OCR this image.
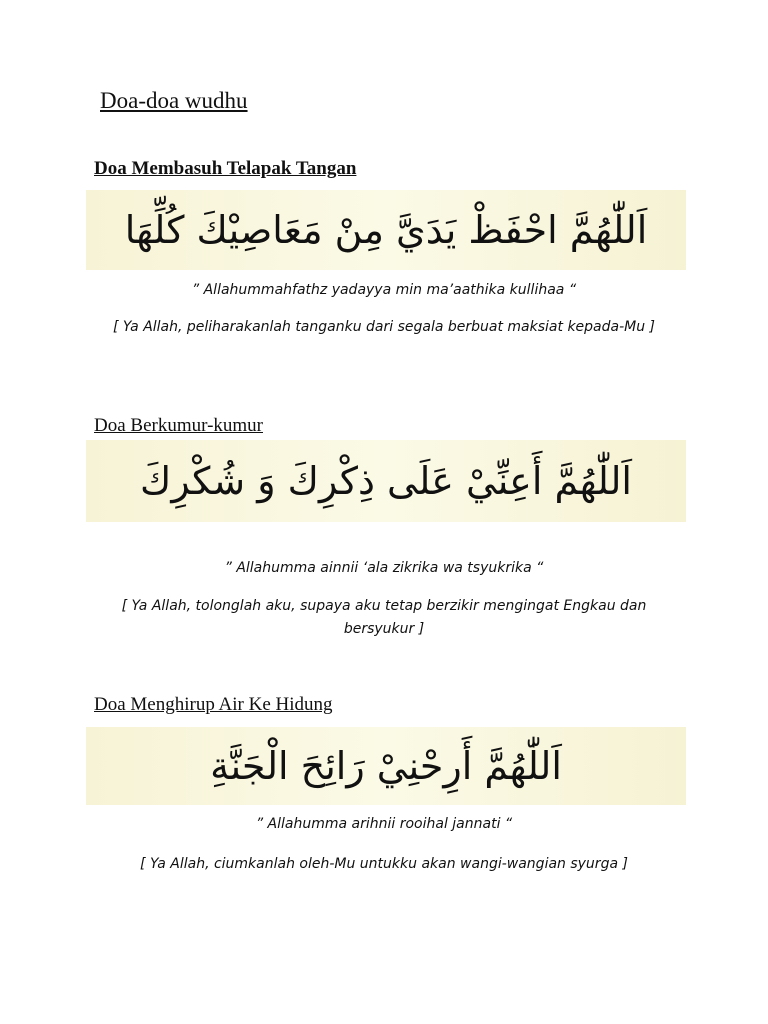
Doa-doa wudhu
Doa Membasuh Telapak Tangan
اَللّٰهُمَّ احْفَظْ يَدَيَّ مِنْ مَعَاصِيْكَ كُلِّهَا
” Allahummahfathz yadayya min ma’aathika kullihaa “
[ Ya Allah, peliharakanlah tanganku dari segala berbuat maksiat kepada-Mu ]
Doa Berkumur-kumur
اَللّٰهُمَّ أَعِنِّيْ عَلَى ذِكْرِكَ وَ شُكْرِكَ
” Allahumma ainnii ‘ala zikrika wa tsyukrika “
[ Ya Allah, tolonglah aku, supaya aku tetap berzikir mengingat Engkau dan bersyukur ]
Doa Menghirup Air Ke Hidung
اَللّٰهُمَّ أَرِحْنِيْ رَائِحَ الْجَنَّةِ
” Allahumma arihnii rooihal jannati “
[ Ya Allah, ciumkanlah oleh-Mu untukku akan wangi-wangian syurga ]
